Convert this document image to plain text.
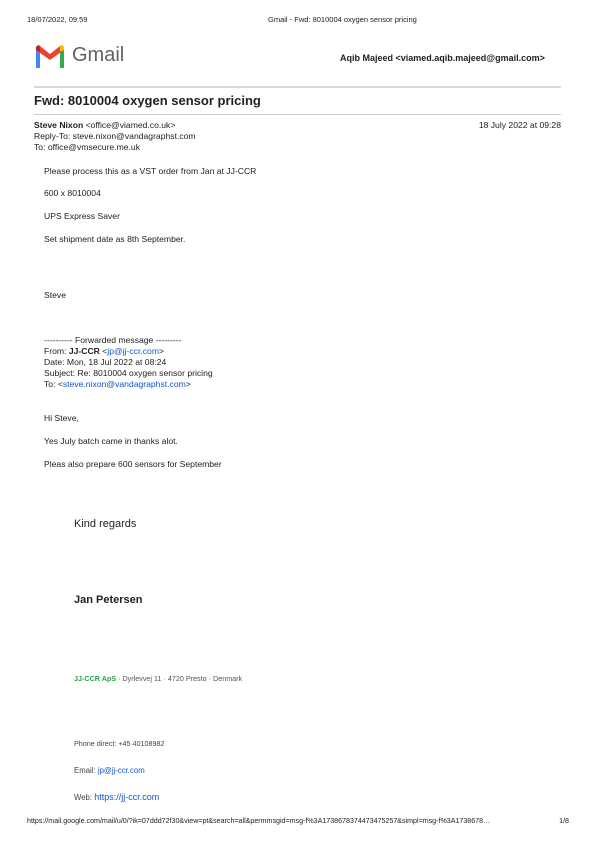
18/07/2022, 09:59	Gmail - Fwd: 8010004 oxygen sensor pricing
Gmail	Aqib Majeed <viamed.aqib.majeed@gmail.com>
Fwd: 8010004 oxygen sensor pricing
Steve Nixon <office@viamed.co.uk>	18 July 2022 at 09:28
Reply-To: steve.nixon@vandagraphst.com
To: office@vmsecure.me.uk
Please process this as a VST order from Jan at JJ-CCR
600 x 8010004
UPS Express Saver
Set shipment date as 8th September.
Steve
---------- Forwarded message ---------
From: JJ-CCR <jp@jj-ccr.com>
Date: Mon, 18 Jul 2022 at 08:24
Subject: Re: 8010004 oxygen sensor pricing
To: <steve.nixon@vandagraphst.com>
Hi Steve,
Yes July batch came in thanks alot.
Pleas also prepare 600 sensors for September
Kind regards
Jan Petersen
JJ-CCR ApS · Dyrlevvej 11 · 4720 Presto · Denmark
Phone direct: +45 40108982
Email: jp@jj-ccr.com
Web: https://jj-ccr.com
https://mail.google.com/mail/u/0/?ik=07ddd72f30&view=pt&search=all&permmsgid=msg-f%3A1738678374473475257&simpl=msg-f%3A1738678…	1/8
